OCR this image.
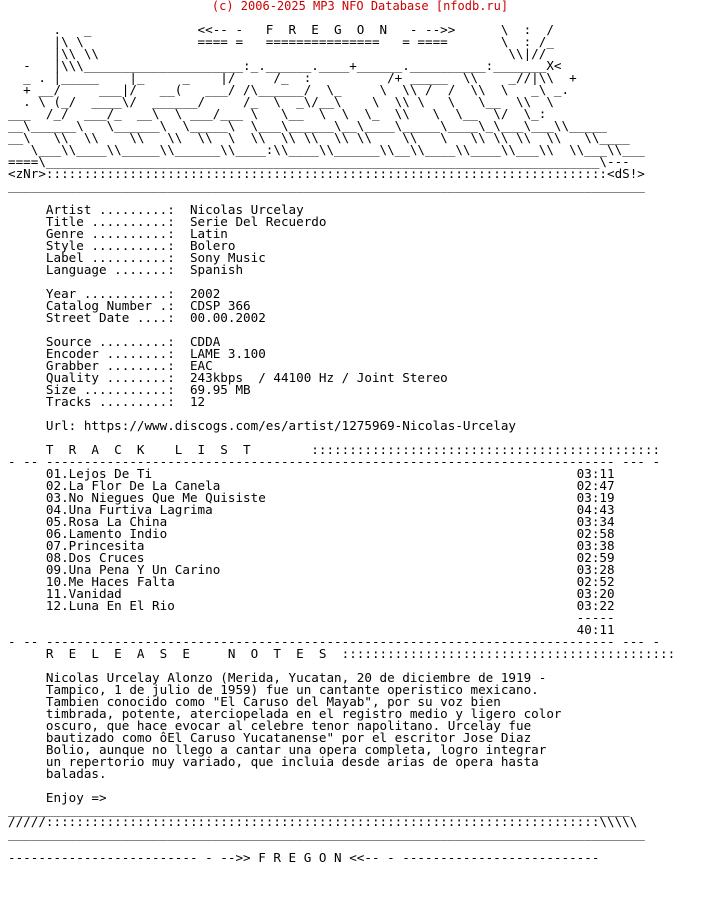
(c) 2006-2025 MP3 NFO Database [nfodb.ru]
.   _              <<-- -   F  R  E  G  O  N   - -->>      \  :  /
|\ \               ==== =   ===============   = ====       \  : /_
|\\ \\                                                      \\|//
-   |\\\_____________________:_.______.____+______.__________:_______X<
_ . |_____    |_     _    |/     /_  :          /+ _____  \\    _//|\\  +
+ __/     ___|/   __(   ___/ /\______/  \_     \  \\ /  /  \\  \   _\ _.
. \ (_/  ____\/  ______/     /_  \  _\/__\    \  \\ \   \   \__  \\  \
___  /_/  ___/_  __\  \ ___/___ \   \__  \  \  \_  \\   \  \__  \/  \_:
__\______\   \______\  \_____\  \___\______\__\____\_____\____\_\___\___\\_____
__\   \\  \\    \\   \\  \\  \  \\  \\ \\  \\ \\    \\   \   \\ \\ \\  \\   \\____
\___\\____\\_____\\______\\____:\\____\\______\\__\\____\\____\\___\\  \\___\\___
====\_________________________________________________________________________\---
<zNr>::::::::::::::::::::::::::::::::::::::::::::::::::::::::::::::::::::::::::<dS!>
____________________________________________________________________________________
Artist .........:  Nicolas Urcelay
Title ..........:  Serie Del Recuerdo
Genre ..........:  Latin
Style ..........:  Bolero
Label ..........:  Sony Music
Language .......:  Spanish
Year ...........:  2002
Catalog Number .:  CDSP 366
Street Date ....:  00.00.2002
Source .........:  CDDA
Encoder ........:  LAME 3.100
Grabber ........:  EAC
Quality ........:  243kbps  / 44100 Hz / Joint Stereo
Size ...........:  69.95 MB
Tracks .........:  12
Url: https://www.discogs.com/es/artist/1275969-Nicolas-Urcelay
T  R  A  C  K    L  I  S  T        ::::::::::::::::::::::::::::::::::::::::::::::
- -- --------------------------------------------------------------------------- --- -
01.Lejos De Ti                                                        03:11
02.La Flor De La Canela                                               02:47
03.No Niegues Que Me Quisiste                                         03:19
04.Una Furtiva Lagrima                                                04:43
05.Rosa La China                                                      03:34
06.Lamento Indio                                                      02:58
07.Princesita                                                         03:38
08.Dos Cruces                                                         02:59
09.Una Pena Y Un Carino                                               03:28
10.Me Haces Falta                                                     02:52
11.Vanidad                                                            03:20
12.Luna En El Rio                                                     03:22
-----
40:11
- -- --------------------------------------------------------------------------- --- -
R  E  L  E  A  S  E     N  O  T  E  S  ::::::::::::::::::::::::::::::::::::::::::::
Nicolas Urcelay Alonzo (Merida, Yucatan, 20 de diciembre de 1919 -
Tampico, 1 de julio de 1959) fue un cantante operistico mexicano.
Tambien conocido como "El Caruso del Mayab", por su voz bien
timbrada, potente, aterciopelada en el registro medio y ligero color
oscuro, que hace evocar al celebre tenor napolitano. Urcelay fue
bautizado como ôEl Caruso Yucatanense" por el escritor Jose Diaz
Bolio, aunque no llego a cantar una opera completa, logro integrar
un repertorio muy variado, que incluia desde arias de opera hasta
baladas.
Enjoy =>
__________________________________________________________________________________
/////:::::::::::::::::::::::::::::::::::::::::::::::::::::::::::::::::::::::::\\\\\
____________________________________________________________________________________
------------------------- - -->> F R E G O N <<-- - --------------------------
